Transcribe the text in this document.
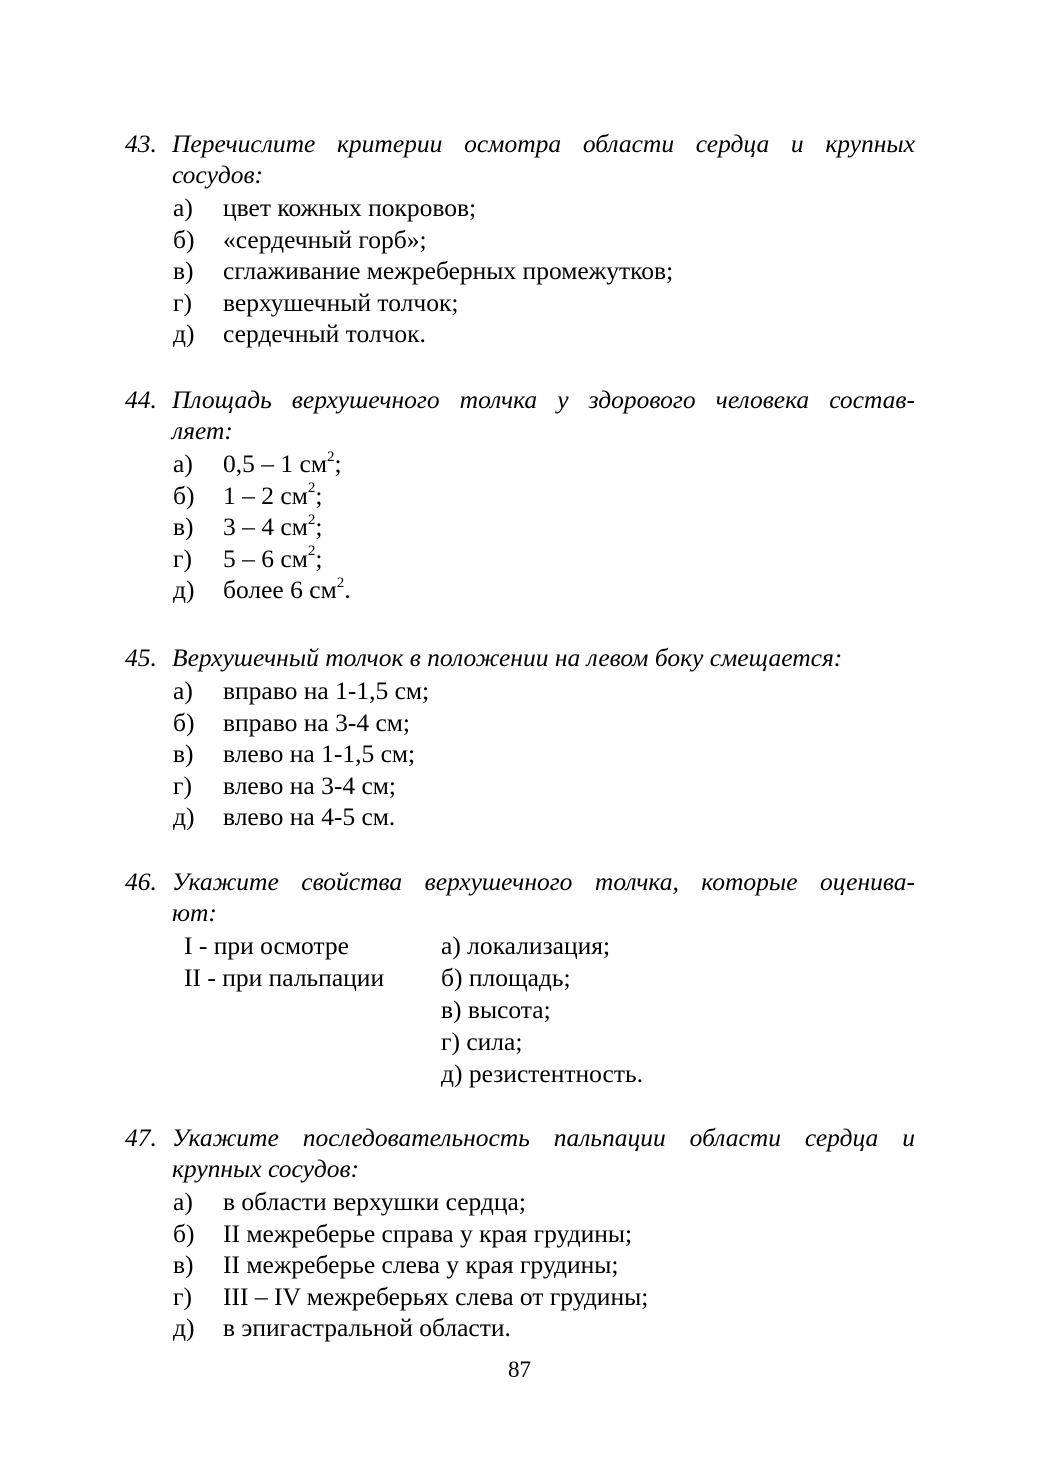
43. Перечислите критерии осмотра области сердца и крупных
сосудов:
а)	цвет кожных покровов;
б)	«сердечный горб»;
в)	сглаживание межреберных промежутков;
г)	верхушечный толчок;
д)	сердечный толчок.
44. Площадь верхушечного толчка у здорового человека состав-
ляет:
а)	0,5 – 1 $см^2$;
б)	1 – 2 $см^2$;
в)	3 – 4 $см^2$;
г)	5 – 6 $см^2$;
д)	более 6 $см^2$.
45. Верхушечный толчок в положении на левом боку смещается:
а)	вправо на 1-1,5 см;
б)	вправо на 3-4 см;
в)	влево на 1-1,5 см;
г)	влево на 3-4 см;
д)	влево на 4-5 см.
46. Укажите свойства верхушечного толчка, которые оценива-
ют:
I - при осмотре	а) локализация;
II - при пальпации	б) площадь;
в) высота;
г) сила;
д) резистентность.
47. Укажите последовательность пальпации области сердца и
крупных сосудов:
а)	в области верхушки сердца;
б)	II межреберье справа у края грудины;
в)	II межреберье слева у края грудины;
г)	III – IV межреберьях слева от грудины;
д)	в эпигастральной области.
87
